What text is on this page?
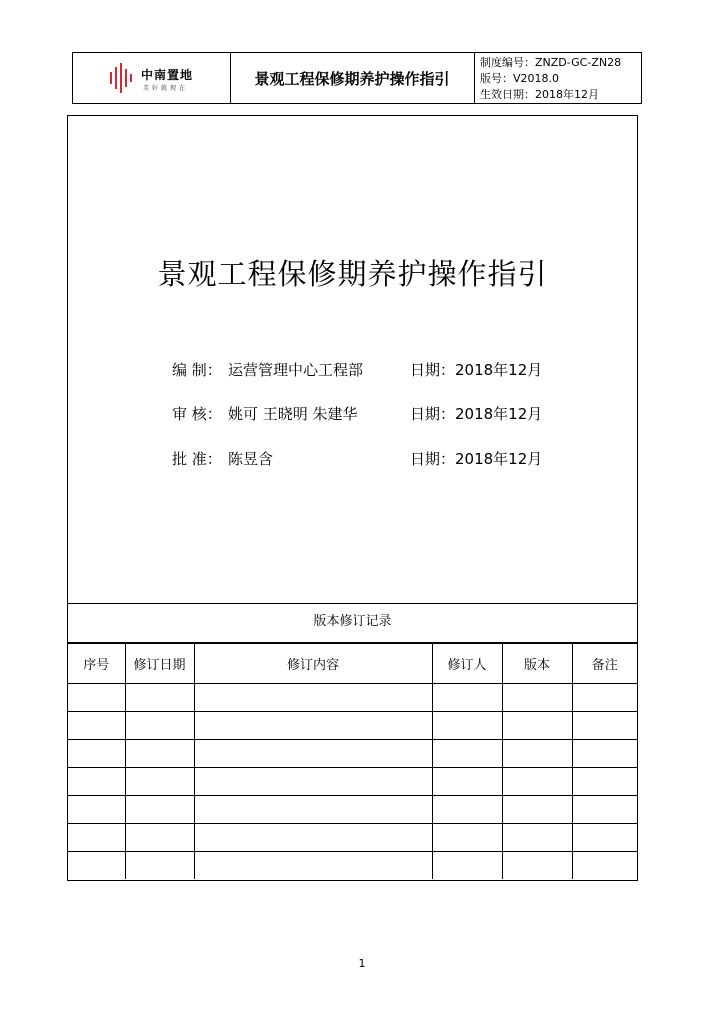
中南置地
美好就现在
景观工程保修期养护操作指引
制度编号：ZNZD-GC-ZN28
版号：V2018.0
生效日期：2018年12月
景观工程保修期养护操作指引
编 制： 运营管理中心工程部	日期：2018年12月
审 核： 姚可 王晓明 朱建华	日期：2018年12月
批 准： 陈昱含	日期：2018年12月
版本修订记录
序号	修订日期	修订内容	修订人	版本	备注

1
